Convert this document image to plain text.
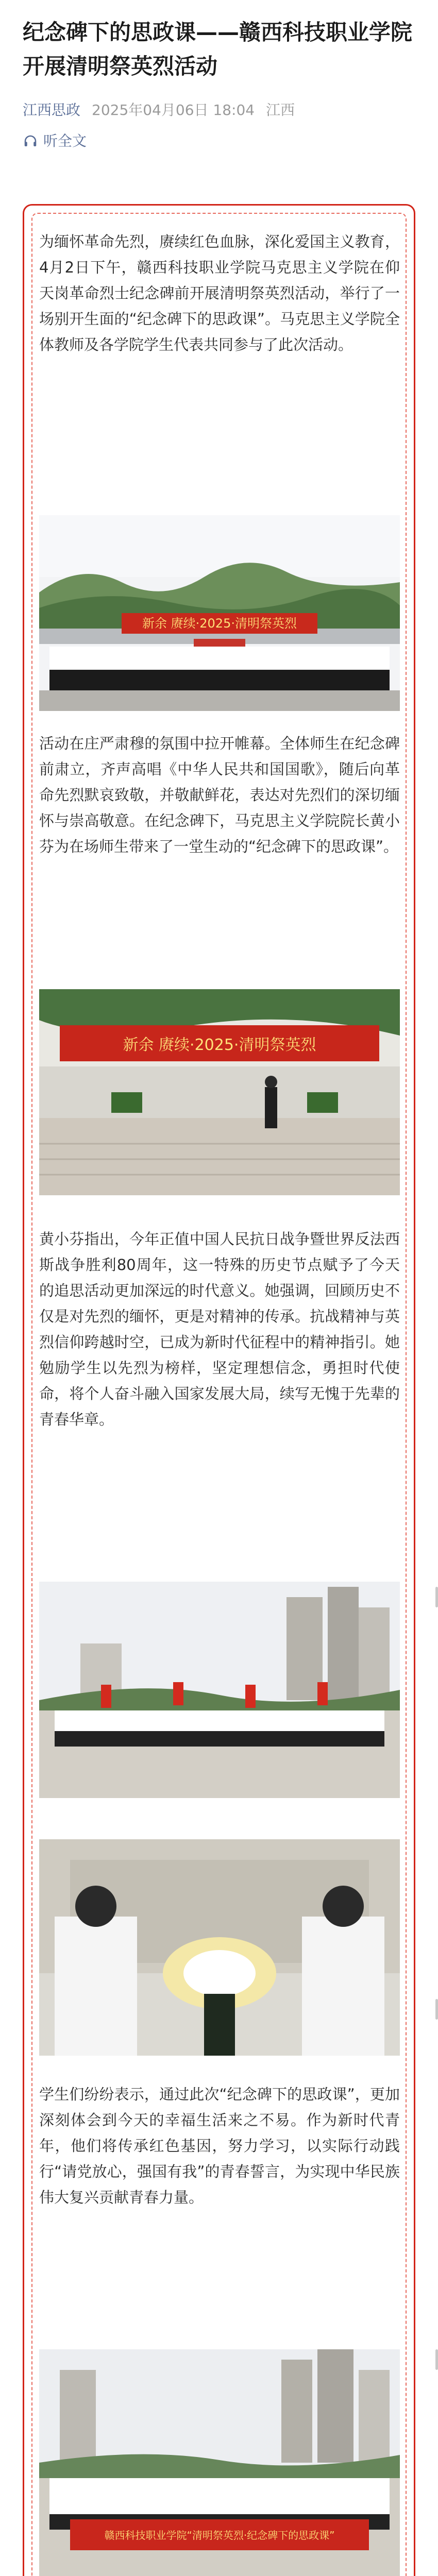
纪念碑下的思政课——赣西科技职业学院开展清明祭英烈活动
江西思政 2025年04月06日 18:04 江西
听全文

为缅怀革命先烈，赓续红色血脉，深化爱国主义教育，4月2日下午，赣西科技职业学院马克思主义学院在仰天岗革命烈士纪念碑前开展清明祭英烈活动，举行了一场别开生面的“纪念碑下的思政课”。马克思主义学院全体教师及各学院学生代表共同参与了此次活动。

新余 赓续·2025·清明祭英烈

活动在庄严肃穆的氛围中拉开帷幕。全体师生在纪念碑前肃立，齐声高唱《中华人民共和国国歌》，随后向革命先烈默哀致敬，并敬献鲜花，表达对先烈们的深切缅怀与崇高敬意。在纪念碑下，马克思主义学院院长黄小芬为在场师生带来了一堂生动的“纪念碑下的思政课”。

新余 赓续·2025·清明祭英烈

黄小芬指出，今年正值中国人民抗日战争暨世界反法西斯战争胜利80周年，这一特殊的历史节点赋予了今天的追思活动更加深远的时代意义。她强调，回顾历史不仅是对先烈的缅怀，更是对精神的传承。抗战精神与英烈信仰跨越时空，已成为新时代征程中的精神指引。她勉励学生以先烈为榜样，坚定理想信念，勇担时代使命，将个人奋斗融入国家发展大局，续写无愧于先辈的青春华章。

学生们纷纷表示，通过此次“纪念碑下的思政课”，更加深刻体会到今天的幸福生活来之不易。作为新时代青年，他们将传承红色基因，努力学习，以实际行动践行“请党放心，强国有我”的青春誓言，为实现中华民族伟大复兴贡献青春力量。

赣西科技职业学院“清明祭英烈·纪念碑下的思政课”
